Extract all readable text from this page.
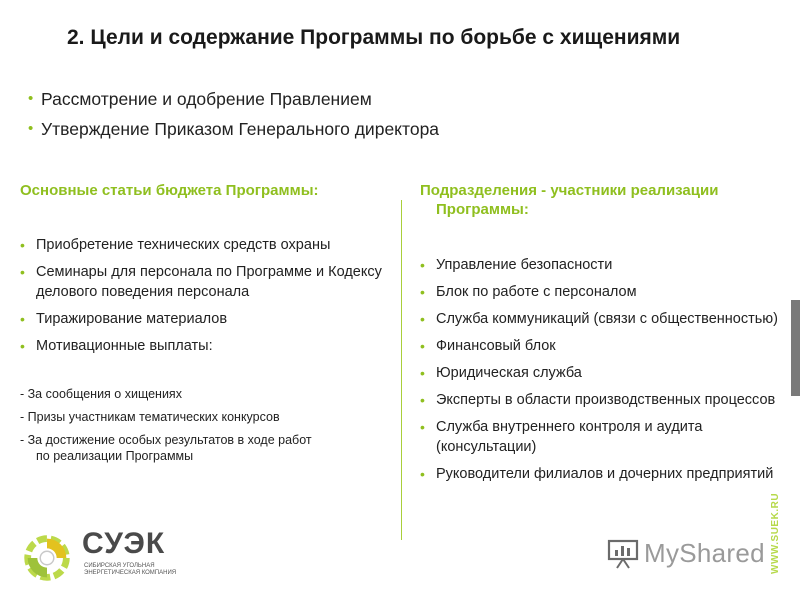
2. Цели и содержание Программы по борьбе с хищениями
• Рассмотрение и одобрение Правлением
• Утверждение Приказом Генерального директора
Основные статьи бюджета Программы:	Подразделения - участники реализации
Программы:
• Приобретение технических средств охраны
• Семинары для персонала по Программе и Кодексу делового поведения персонала
• Тиражирование материалов
• Мотивационные выплаты:
- За сообщения о хищениях
- Призы участникам тематических конкурсов
- За достижение особых результатов в ходе работ
по реализации Программы
• Управление безопасности
• Блок по работе с персоналом
• Служба коммуникаций (связи с общественностью)
• Финансовый блок
• Юридическая служба
• Эксперты в области производственных процессов
• Служба внутреннего контроля и аудита (консультации)
• Руководители филиалов и дочерних предприятий
WWW.SUEK.RU
СУЭК
СИБИРСКАЯ УГОЛЬНАЯ
ЭНЕРГЕТИЧЕСКАЯ КОМПАНИЯ
MyShared
